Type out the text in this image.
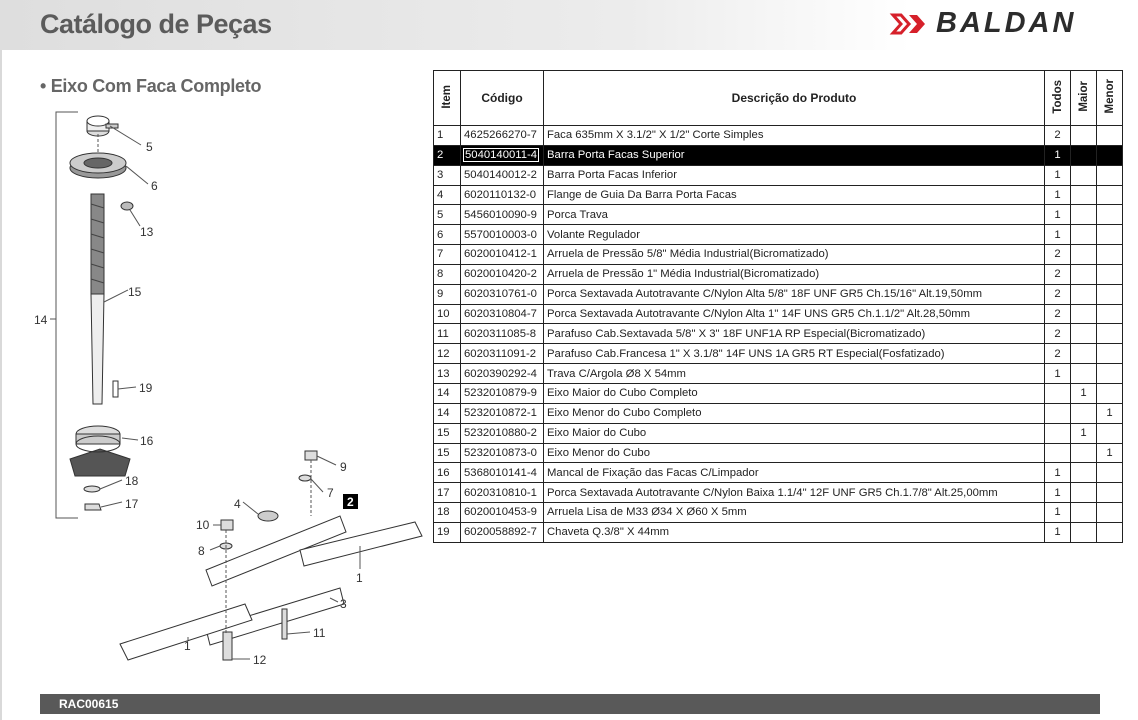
Catálogo de Peças	BALDAN
• Eixo Com Faca Completo
5
6
13
15
14
19
16
18
17
9
7
2
4
10
8
1
3
11
1
12
Item	Código	Descrição do Produto	Todos	Maior	Menor
1	4625266270-7	Faca 635mm X 3.1/2" X 1/2" Corte Simples	2		
2	5040140011-4	Barra Porta Facas Superior	1		
3	5040140012-2	Barra Porta Facas Inferior	1		
4	6020110132-0	Flange de Guia Da Barra Porta Facas	1		
5	5456010090-9	Porca Trava	1		
6	5570010003-0	Volante Regulador	1		
7	6020010412-1	Arruela de Pressão 5/8" Média Industrial(Bicromatizado)	2		
8	6020010420-2	Arruela de Pressão 1" Média Industrial(Bicromatizado)	2		
9	6020310761-0	Porca Sextavada Autotravante C/Nylon Alta 5/8" 18F UNF GR5 Ch.15/16" Alt.19,50mm	2		
10	6020310804-7	Porca Sextavada Autotravante C/Nylon Alta 1" 14F UNS GR5 Ch.1.1/2" Alt.28,50mm	2		
11	6020311085-8	Parafuso Cab.Sextavada 5/8" X 3" 18F UNF1A RP Especial(Bicromatizado)	2		
12	6020311091-2	Parafuso Cab.Francesa 1" X 3.1/8" 14F UNS 1A GR5 RT Especial(Fosfatizado)	2		
13	6020390292-4	Trava C/Argola Ø8 X 54mm	1		
14	5232010879-9	Eixo Maior do Cubo Completo		1	
14	5232010872-1	Eixo Menor do Cubo Completo			1
15	5232010880-2	Eixo Maior do Cubo		1	
15	5232010873-0	Eixo Menor do Cubo			1
16	5368010141-4	Mancal de Fixação das Facas C/Limpador	1		
17	6020310810-1	Porca Sextavada Autotravante C/Nylon Baixa 1.1/4" 12F UNF GR5 Ch.1.7/8" Alt.25,00mm	1		
18	6020010453-9	Arruela Lisa de M33 Ø34 X Ø60 X 5mm	1		
19	6020058892-7	Chaveta Q.3/8" X 44mm	1		
RAC00615
